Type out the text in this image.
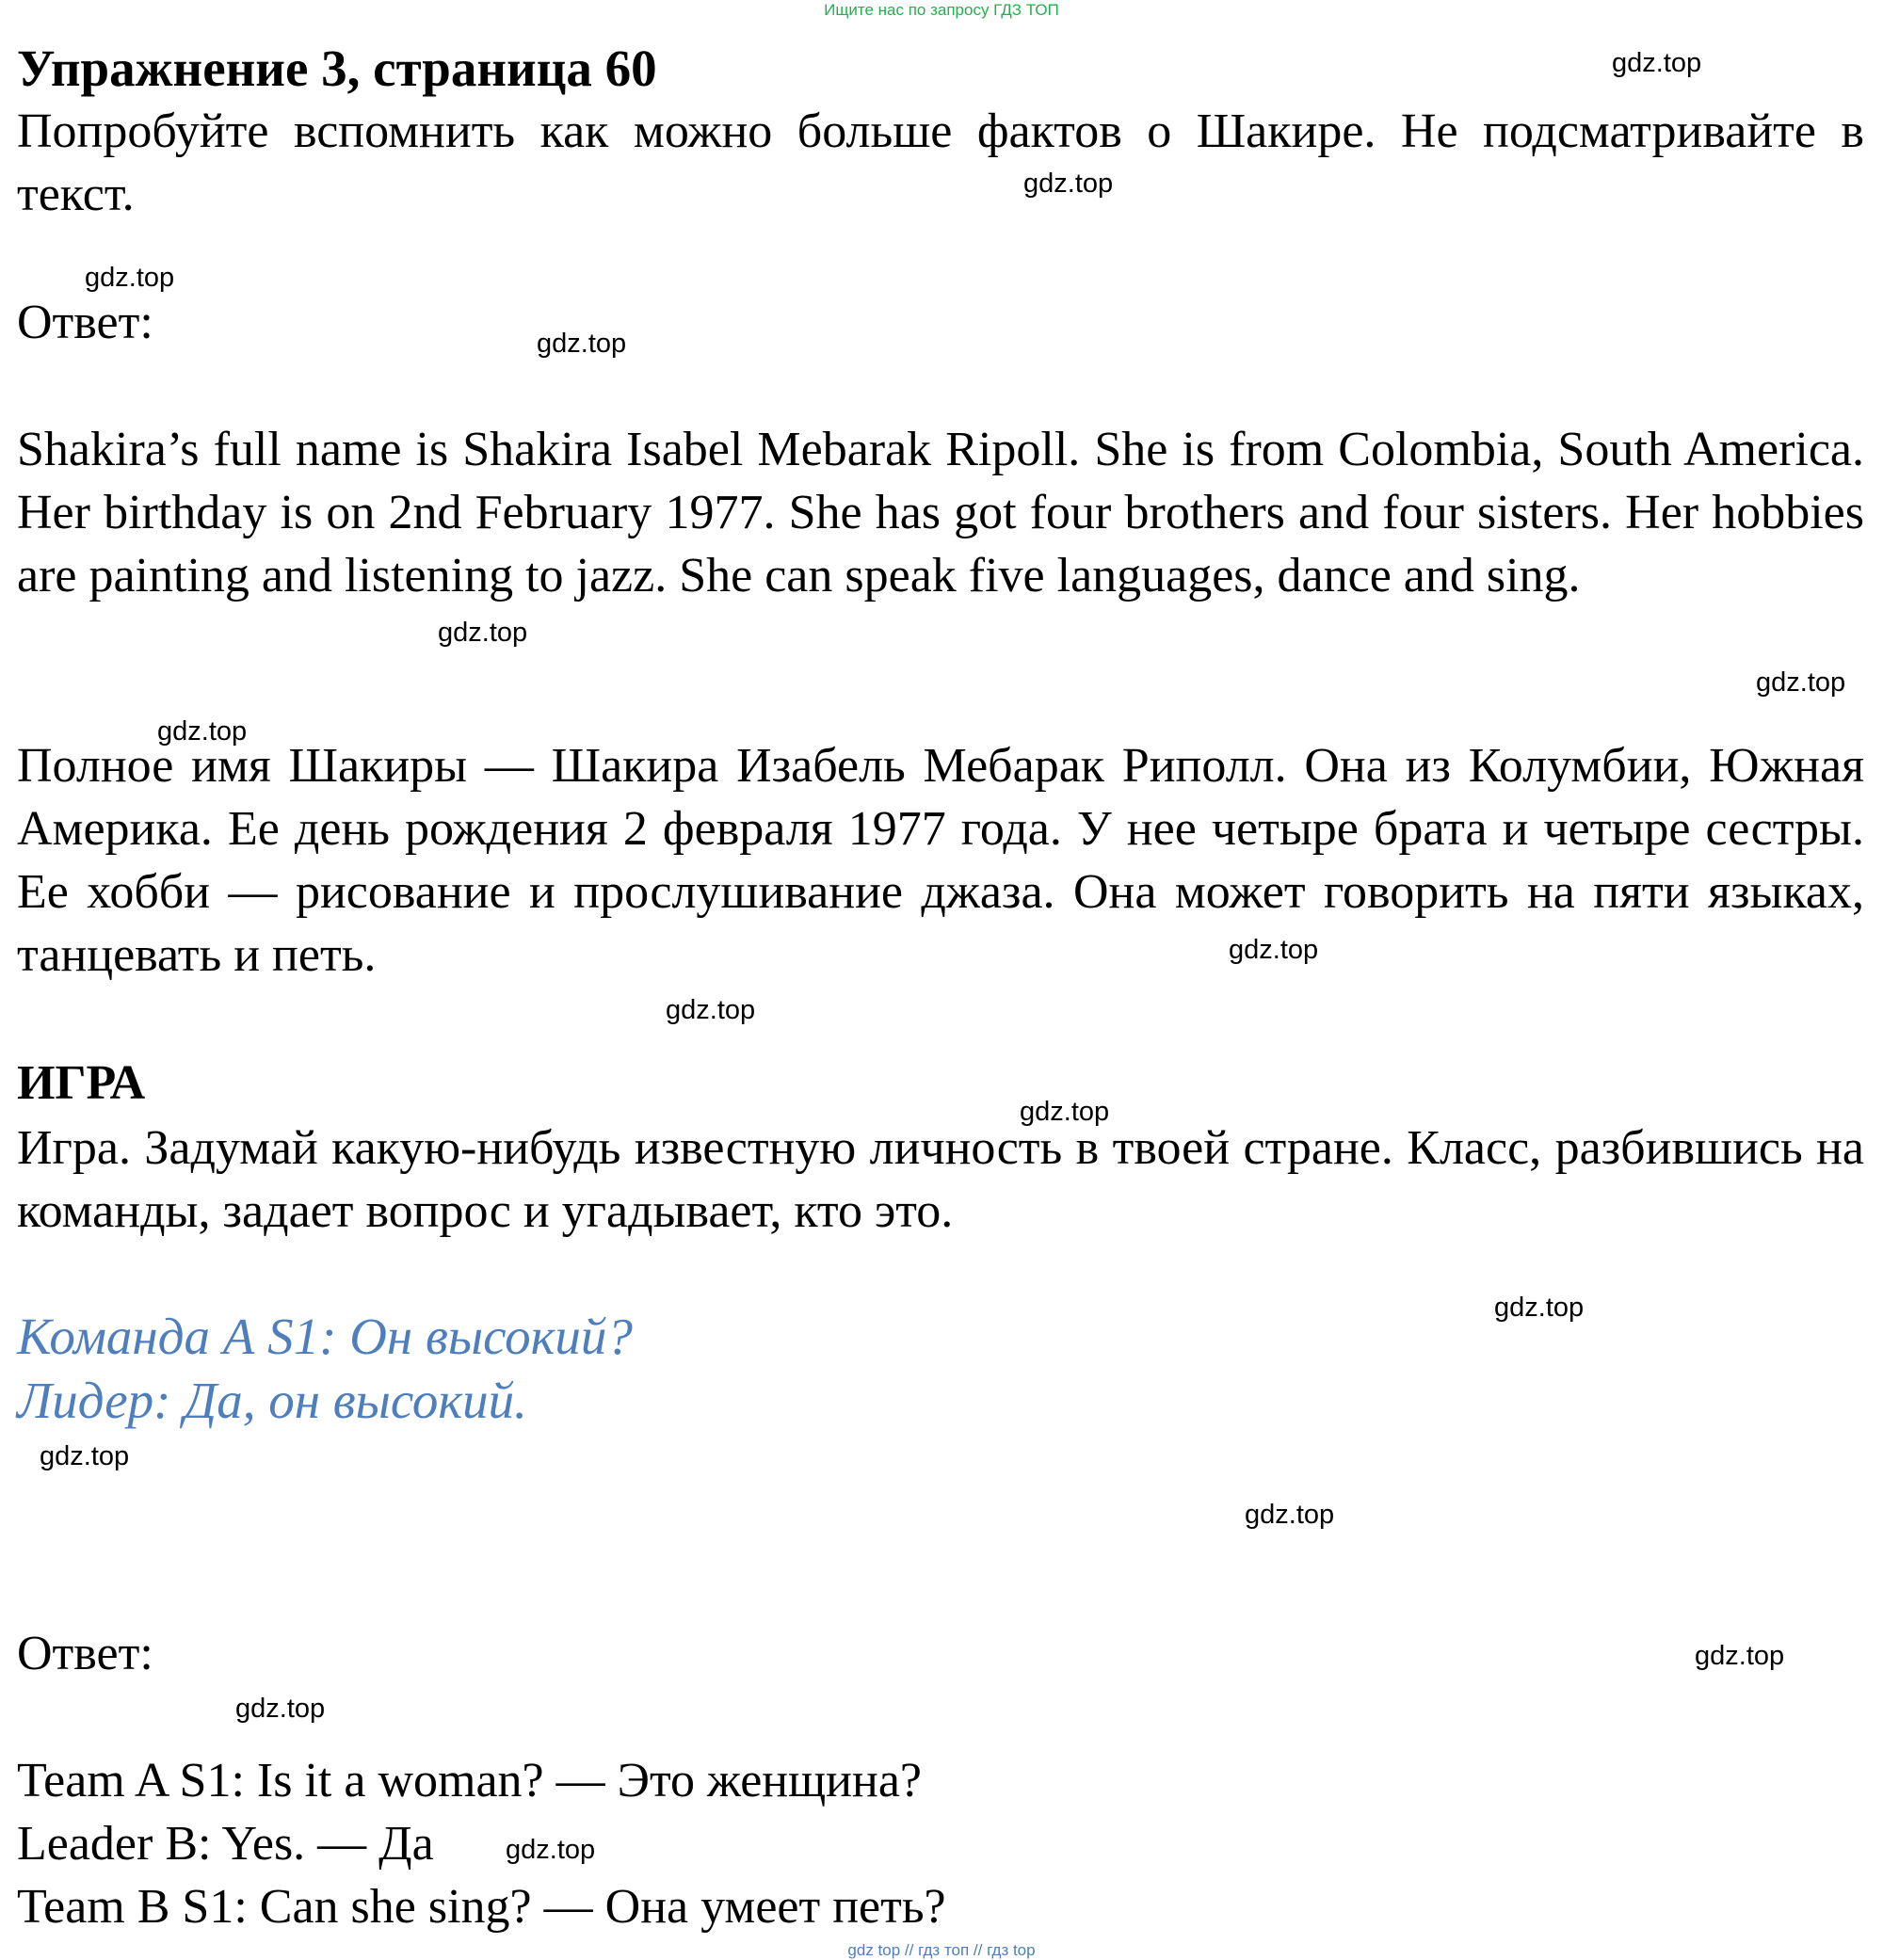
Ищите нас по запросу ГДЗ ТОП
Упражнение 3, страница 60
Попробуйте вспомнить как можно больше фактов о Шакире. Не подсматривайте в текст.
Ответ:
Shakira’s full name is Shakira Isabel Mebarak Ripoll. She is from Colombia, South America. Her birthday is on 2nd February 1977. She has got four brothers and four sisters. Her hobbies are painting and listening to jazz. She can speak five languages, dance and sing.
Полное имя Шакиры — Шакира Изабель Мебарак Риполл. Она из Колумбии, Южная Америка. Ее день рождения 2 февраля 1977 года. У нее четыре брата и четыре сестры. Ее хобби — рисование и прослушивание джаза. Она может говорить на пяти языках, танцевать и петь.
ИГРА
Игра. Задумай какую-нибудь известную личность в твоей стране. Класс, разбившись на команды, задает вопрос и угадывает, кто это.
Команда А S1: Он высокий?
Лидер: Да, он высокий.
Ответ:
Team A S1: Is it a woman? — Это женщина?
Leader B: Yes. — Да
Team B S1: Can she sing? — Она умеет петь?
gdz.top
gdz.top
gdz.top
gdz.top
gdz.top
gdz.top
gdz.top
gdz.top
gdz.top
gdz.top
gdz.top
gdz.top
gdz.top
gdz.top
gdz.top
gdz.top
gdz top // гдз топ // гдз top
